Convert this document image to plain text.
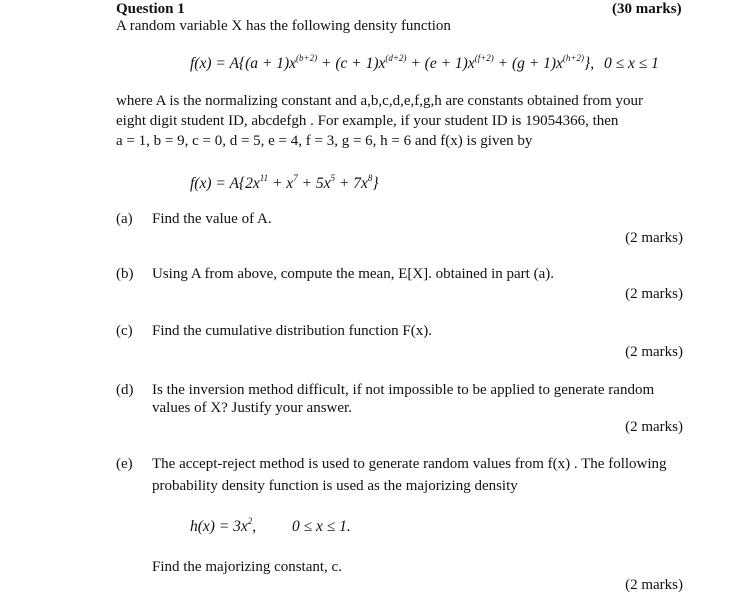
Question 1	(30 marks)
A random variable X has the following density function
$f(x) = A\{(a + 1)x^{(b+2)} + (c + 1)x^{(d+2)} + (e + 1)x^{(f+2)} + (g + 1)x^{(h+2)}\}$, 0 ≤ x ≤ 1
where A is the normalizing constant and a,b,c,d,e,f,g,h are constants obtained from your
eight digit student ID, abcdefgh . For example, if your student ID is 19054366, then
a = 1, b = 9, c = 0, d = 5, e = 4, f = 3, g = 6, h = 6 and f(x) is given by
$f(x) = A\{2x^{11} + x^7 + 5x^5 + 7x^8\}$
(a) Find the value of A.
(2 marks)
(b) Using A from above, compute the mean, E[X]. obtained in part (a).
(2 marks)
(c) Find the cumulative distribution function F(x).
(2 marks)
(d) Is the inversion method difficult, if not impossible to be applied to generate random
values of X? Justify your answer.
(2 marks)
(e) The accept-reject method is used to generate random values from f(x) . The following
probability density function is used as the majorizing density
$h(x) = 3x^2$, 0 ≤ x ≤ 1.
Find the majorizing constant, c.
(2 marks)
